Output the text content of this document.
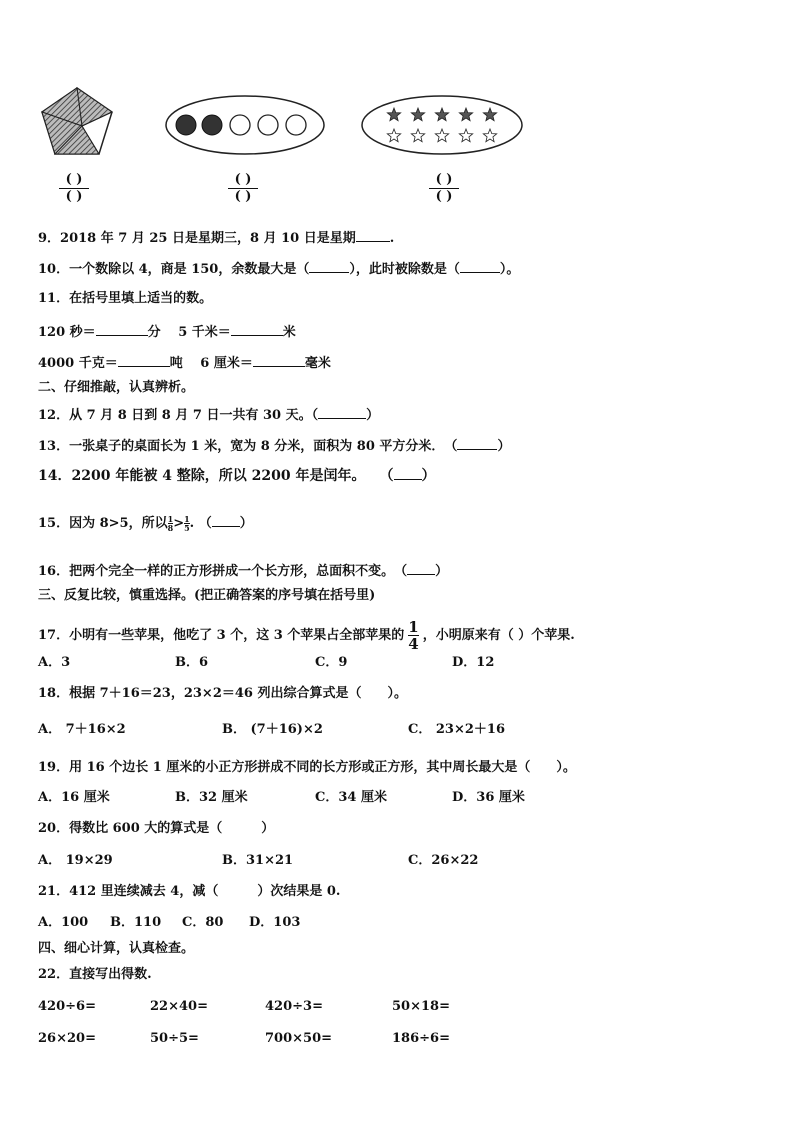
( )
( )
( )
( )
( )
( )
9．2018 年 7 月 25 日是星期三，8 月 10 日是星期	.
10．一个数除以 4，商是 150，余数最大是（	），此时被除数是（	）。
11．在括号里填上适当的数。
120 秒＝	分　 5 千米＝	米
4000 千克＝	吨　 6 厘米＝	毫米
二、仔细推敲，认真辨析。
12．从 7 月 8 日到 8 月 7 日一共有 30 天。（	）
13．一张桌子的桌面长为 1 米，宽为 8 分米，面积为 80 平方分米．　（	）
14．2200 年能被 4 整除，所以 2200 年是闰年。　　（ ）
15．因为 8>5，所以 $\frac{1}{8} > \frac{1}{5}$ . （ ）
16．把两个完全一样的正方形拼成一个长方形，总面积不变。　（ ）
三、反复比较，慎重选择。(把正确答案的序号填在括号里)
17．小明有一些苹果，他吃了 3 个，这 3 个苹果占全部苹果的 $\frac{1}{4}$ ，小明原来有（ ）个苹果.
A．3	B．6	C．9	D．12
18．根据 7＋16＝23，23×2＝46 列出综合算式是（　　）。
A． 7＋16×2	B． (7＋16)×2	C． 23×2＋16
19．用 16 个边长 1 厘米的小正方形拼成不同的长方形或正方形，其中周长最大是（　　）。
A．16 厘米	B．32 厘米	C．34 厘米	D．36 厘米
20．得数比 600 大的算式是（　　　）
A． 19×29	B．31×21	C．26×22
21．412 里连续减去 4，减（　　　）次结果是 0.
A．100 B．110 C．80 D．103
四、细心计算，认真检查。
22．直接写出得数.
420÷6=	22×40=	420÷3=	50×18=
26×20=	50÷5=	700×50=	186÷6=
